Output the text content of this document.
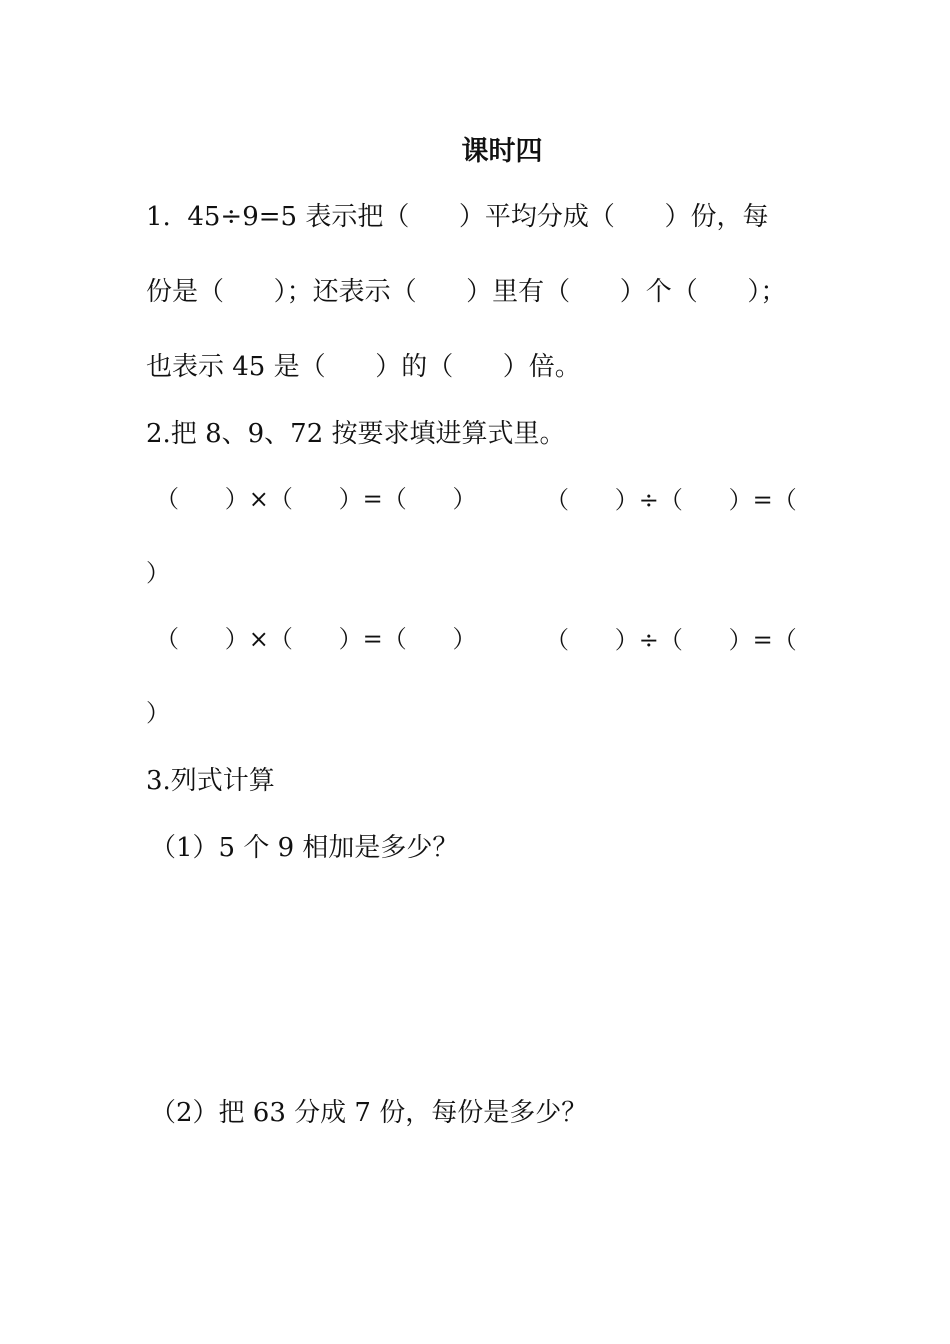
课时四
1.  45÷9=5 表示把（      ）平均分成（      ）份，每
份是（      ）；还表示（      ）里有（      ）个（      ）；
也表示 45 是（      ）的（      ）倍。
2.把 8、9、72 按要求填进算式里。
（      ）×（      ）=（      ）	（      ）÷（      ）=（
）
（      ）×（      ）=（      ）	（      ）÷（      ）=（
）
3.列式计算
（1）5 个 9 相加是多少？
（2）把 63 分成 7 份，每份是多少？
